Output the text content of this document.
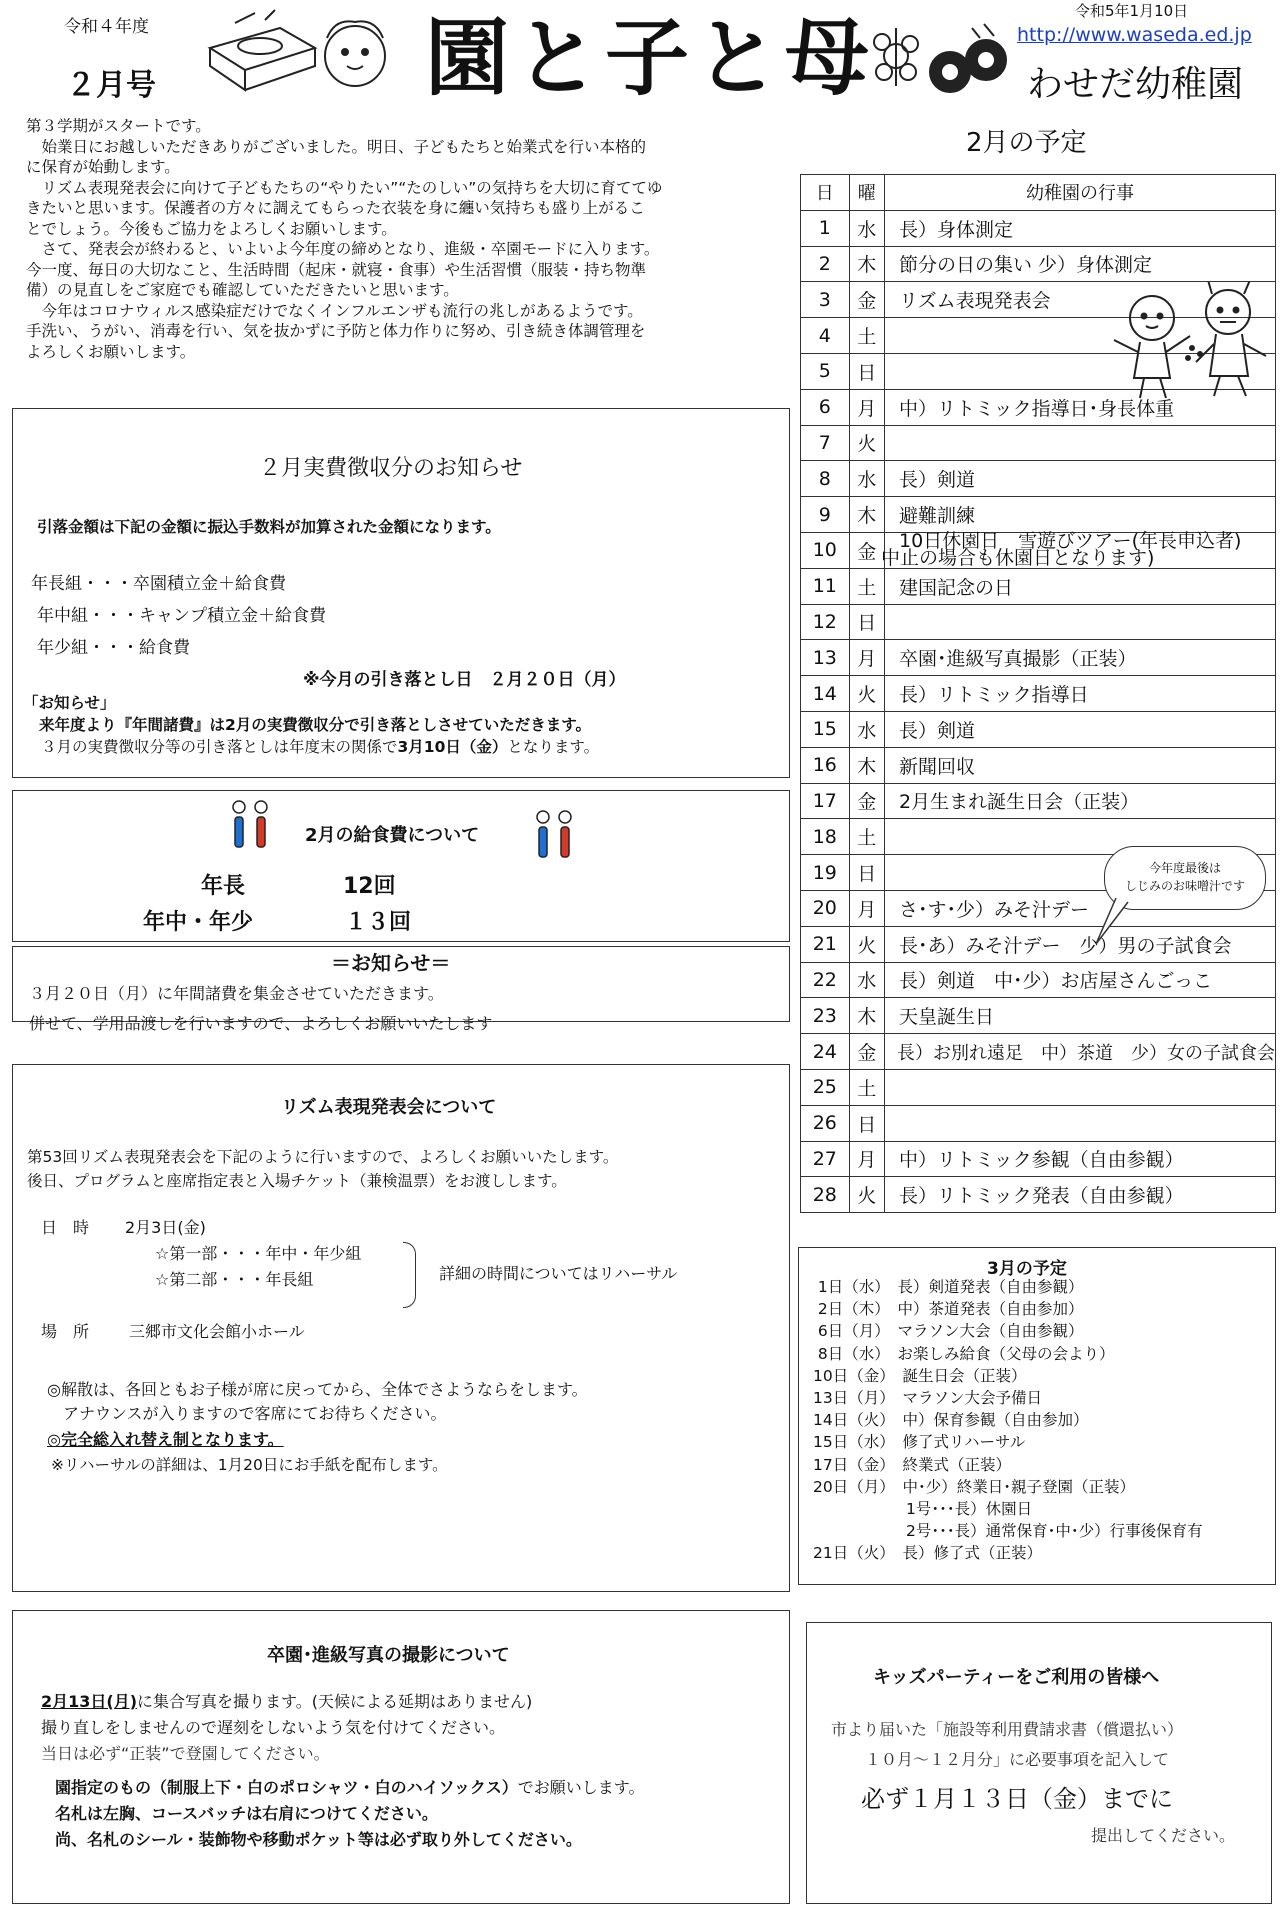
令和４年度
２月号	園と子と母	令和5年1月10日
http://www.waseda.ed.jp
わせだ幼稚園
第３学期がスタートです。
　始業日にお越しいただきありがございました。明日、子どもたちと始業式を行い本格的
に保育が始動します。
　リズム表現発表会に向けて子どもたちの“やりたい”“たのしい”の気持ちを大切に育ててゆ
きたいと思います。保護者の方々に調えてもらった衣装を身に纏い気持ちも盛り上がるこ
とでしょう。今後もご協力をよろしくお願いします。
　さて、発表会が終わると、いよいよ今年度の締めとなり、進級・卒園モードに入ります。
今一度、毎日の大切なこと、生活時間（起床・就寝・食事）や生活習慣（服装・持ち物準
備）の見直しをご家庭でも確認していただきたいと思います。
　今年はコロナウィルス感染症だけでなくインフルエンザも流行の兆しがあるようです。
手洗い、うがい、消毒を行い、気を抜かずに予防と体力作りに努め、引き続き体調管理を
よろしくお願いします。
２月実費徴収分のお知らせ
引落金額は下記の金額に振込手数料が加算された金額になります。
年長組・・・卒園積立金＋給食費
年中組・・・キャンプ積立金＋給食費
年少組・・・給食費
※今月の引き落とし日　２月２０日（月）
「お知らせ」
来年度より『年間諸費』は2月の実費徴収分で引き落としさせていただきます。
３月の実費徴収分等の引き落としは年度末の関係で3月10日（金）となります。
2月の給食費について
年長	12回
年中・年少	１３回
＝お知らせ＝
３月２０日（月）に年間諸費を集金させていただきます。
併せて、学用品渡しを行いますので、よろしくお願いいたします
リズム表現発表会について
第53回リズム表現発表会を下記のように行いますので、よろしくお願いいたします。
後日、プログラムと座席指定表と入場チケット（兼検温票）をお渡しします。
日　時 2月3日(金)
☆第一部・・・年中・年少組
☆第二部・・・年長組	詳細の時間についてはリハーサル
場　所 三郷市文化会館小ホール
◎解散は、各回ともお子様が席に戻ってから、全体でさようならをします。
　アナウンスが入りますので客席にてお待ちください。
◎完全総入れ替え制となります。
※リハーサルの詳細は、1月20日にお手紙を配布します。
卒園･進級写真の撮影について
2月13日(月)に集合写真を撮ります。(天候による延期はありません)
撮り直しをしませんので遅刻をしないよう気を付けてください。
当日は必ず“正装”で登園してください。
園指定のもの（制服上下・白のポロシャツ・白のハイソックス）でお願いします。
名札は左胸、コースバッチは右肩につけてください。
尚、名札のシール・装飾物や移動ポケット等は必ず取り外してください。
2月の予定
日	曜	幼稚園の行事
1	水	長）身体測定
2	木	節分の日の集い 少）身体測定
3	金	リズム表現発表会
4	土	
5	日	
6	月	中）リトミック指導日･身長体重
7	火	
8	水	長）剣道
9	木	避難訓練
10	金	10日休園日　雪遊びツアー(年長申込者)
中止の場合も休園日となります)

11	土	建国記念の日
12	日	
13	月	卒園･進級写真撮影（正装）
14	火	長）リトミック指導日
15	水	長）剣道
16	木	新聞回収
17	金	2月生まれ誕生日会（正装）
18	土	
19	日	
20	月	さ･す･少）みそ汁デー
21	火	長･あ）みそ汁デー　少）男の子試食会
22	水	長）剣道　中･少）お店屋さんごっこ
23	木	天皇誕生日
24	金	長）お別れ遠足　中）茶道　少）女の子試食会
25	土	
26	日	
27	月	中）リトミック参観（自由参観）
28	火	長）リトミック発表（自由参観）
今年度最後は
しじみのお味噌汁です
3月の予定
1日（水）　長）剣道発表（自由参観）
2日（木）　中）茶道発表（自由参加）
6日（月）　マラソン大会（自由参観）
8日（水）　お楽しみ給食（父母の会より）
10日（金）　誕生日会（正装）
13日（月）　マラソン大会予備日
14日（火）　中）保育参観（自由参加）
15日（水）　修了式リハーサル
17日（金）　終業式（正装）
20日（月）　中･少）終業日･親子登園（正装）
　　　　　　1号･･･長）休園日
　　　　　　2号･･･長）通常保育･中･少）行事後保育有
21日（火）　長）修了式（正装）
キッズパーティーをご利用の皆様へ
市より届いた「施設等利用費請求書（償還払い）
１０月～１２月分」に必要事項を記入して
必ず１月１３日（金）までに
提出してください。
